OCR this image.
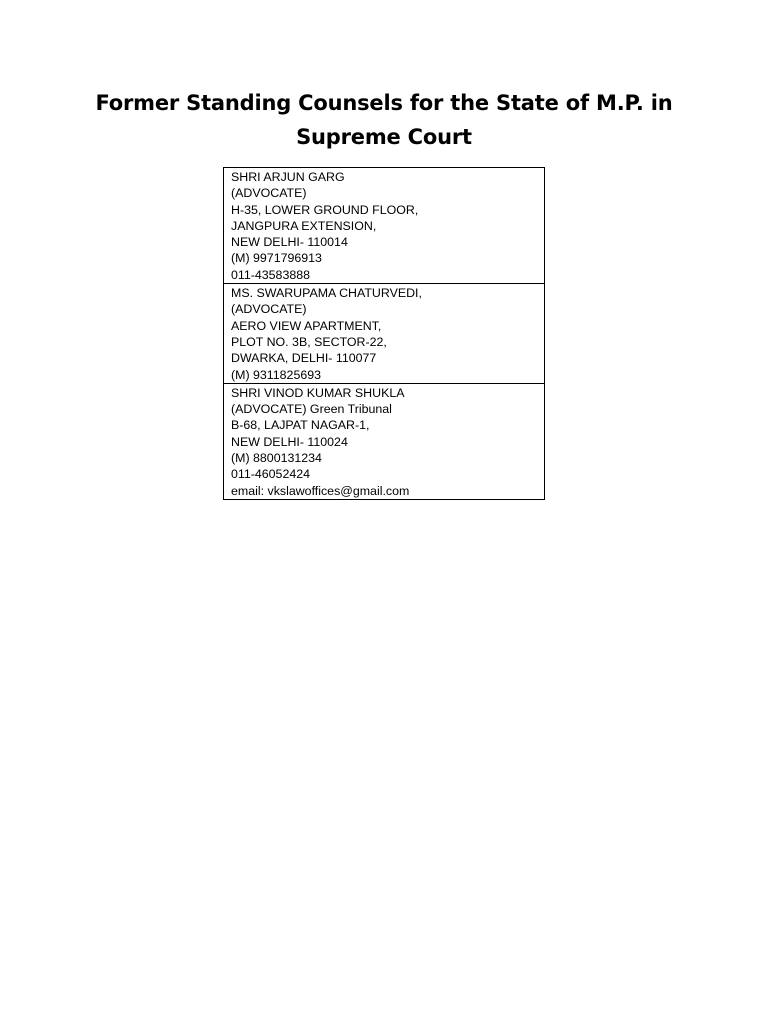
Former Standing Counsels for the State of M.P. in
Supreme Court
SHRI ARJUN GARG
(ADVOCATE)
H-35, LOWER GROUND FLOOR,
JANGPURA EXTENSION,
NEW DELHI- 110014
(M) 9971796913
011-43583888

MS. SWARUPAMA CHATURVEDI,
(ADVOCATE)
AERO VIEW APARTMENT,
PLOT NO. 3B, SECTOR-22,
DWARKA, DELHI- 110077
(M) 9311825693

SHRI VINOD KUMAR SHUKLA
(ADVOCATE) Green Tribunal
B-68, LAJPAT NAGAR-1,
NEW DELHI- 110024
(M) 8800131234
011-46052424
email: vkslawoffices@gmail.com
